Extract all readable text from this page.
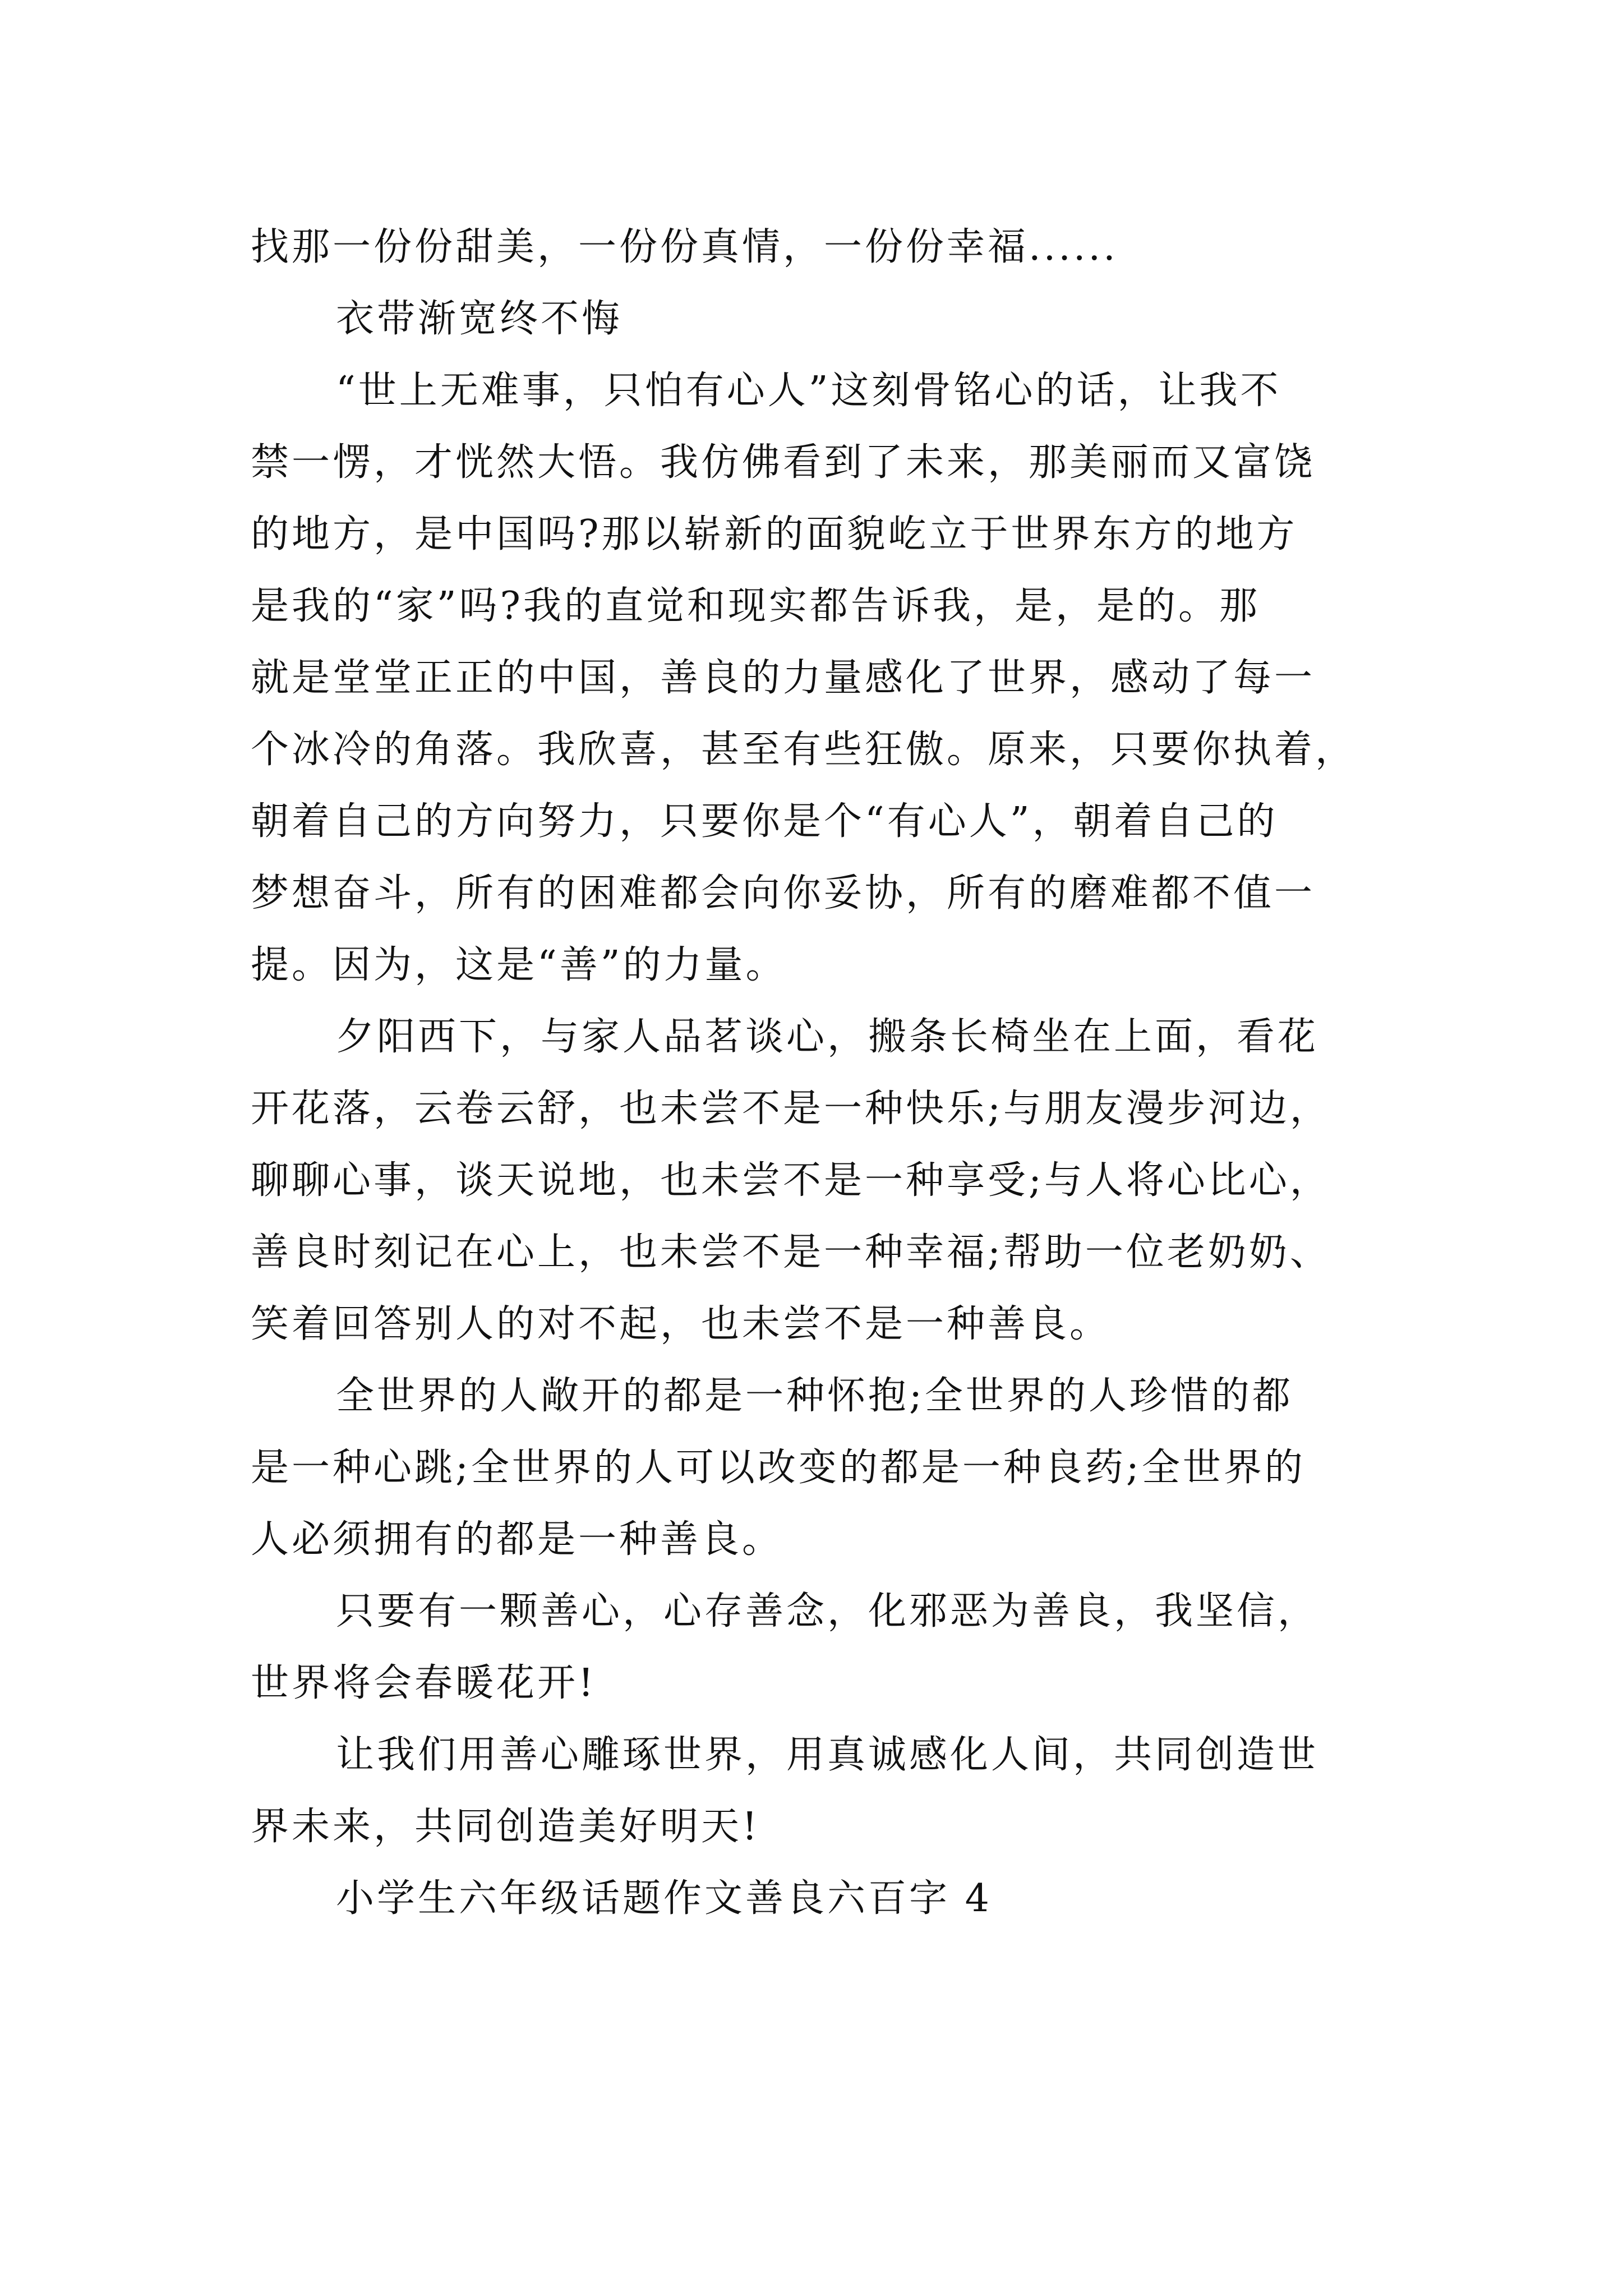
找那一份份甜美，一份份真情，一份份幸福......
衣带渐宽终不悔
“世上无难事，只怕有心人”这刻骨铭心的话，让我不
禁一愣，才恍然大悟。我仿佛看到了未来，那美丽而又富饶
的地方，是中国吗?那以崭新的面貌屹立于世界东方的地方
是我的“家”吗?我的直觉和现实都告诉我，是，是的。那
就是堂堂正正的中国，善良的力量感化了世界，感动了每一
个冰冷的角落。我欣喜，甚至有些狂傲。原来，只要你执着，
朝着自己的方向努力，只要你是个“有心人”，朝着自己的
梦想奋斗，所有的困难都会向你妥协，所有的磨难都不值一
提。因为，这是“善”的力量。
夕阳西下，与家人品茗谈心，搬条长椅坐在上面，看花
开花落，云卷云舒，也未尝不是一种快乐;与朋友漫步河边，
聊聊心事，谈天说地，也未尝不是一种享受;与人将心比心，
善良时刻记在心上，也未尝不是一种幸福;帮助一位老奶奶、
笑着回答别人的对不起，也未尝不是一种善良。
全世界的人敞开的都是一种怀抱;全世界的人珍惜的都
是一种心跳;全世界的人可以改变的都是一种良药;全世界的
人必须拥有的都是一种善良。
只要有一颗善心，心存善念，化邪恶为善良，我坚信，
世界将会春暖花开!
让我们用善心雕琢世界，用真诚感化人间，共同创造世
界未来，共同创造美好明天!
小学生六年级话题作文善良六百字 4
